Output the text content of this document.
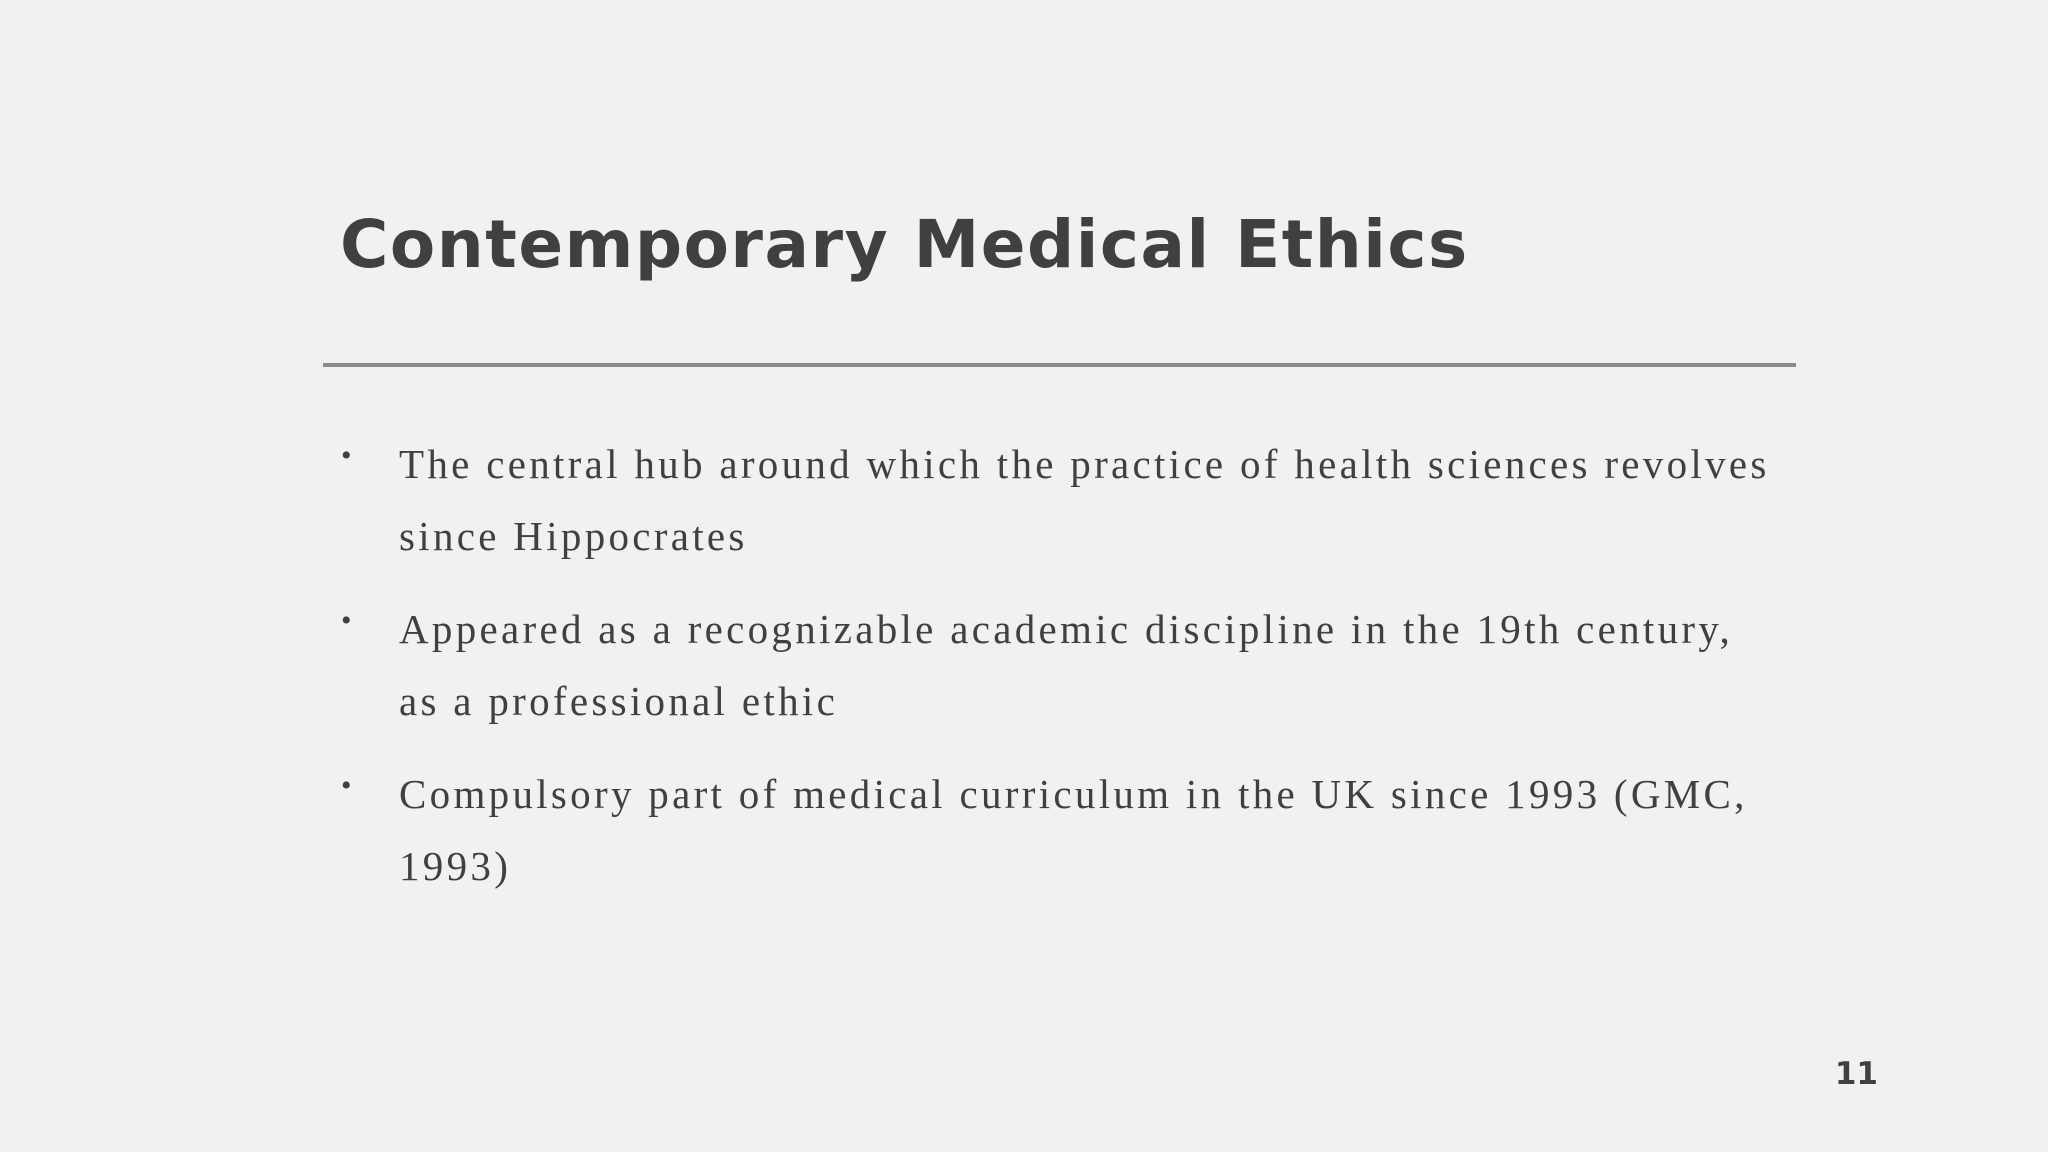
Contemporary Medical Ethics
•	The central hub around which the practice of health sciences revolves since Hippocrates
•	Appeared as a recognizable academic discipline in the 19th century, as a professional ethic
•	Compulsory part of medical curriculum in the UK since 1993 (GMC, 1993)
11
